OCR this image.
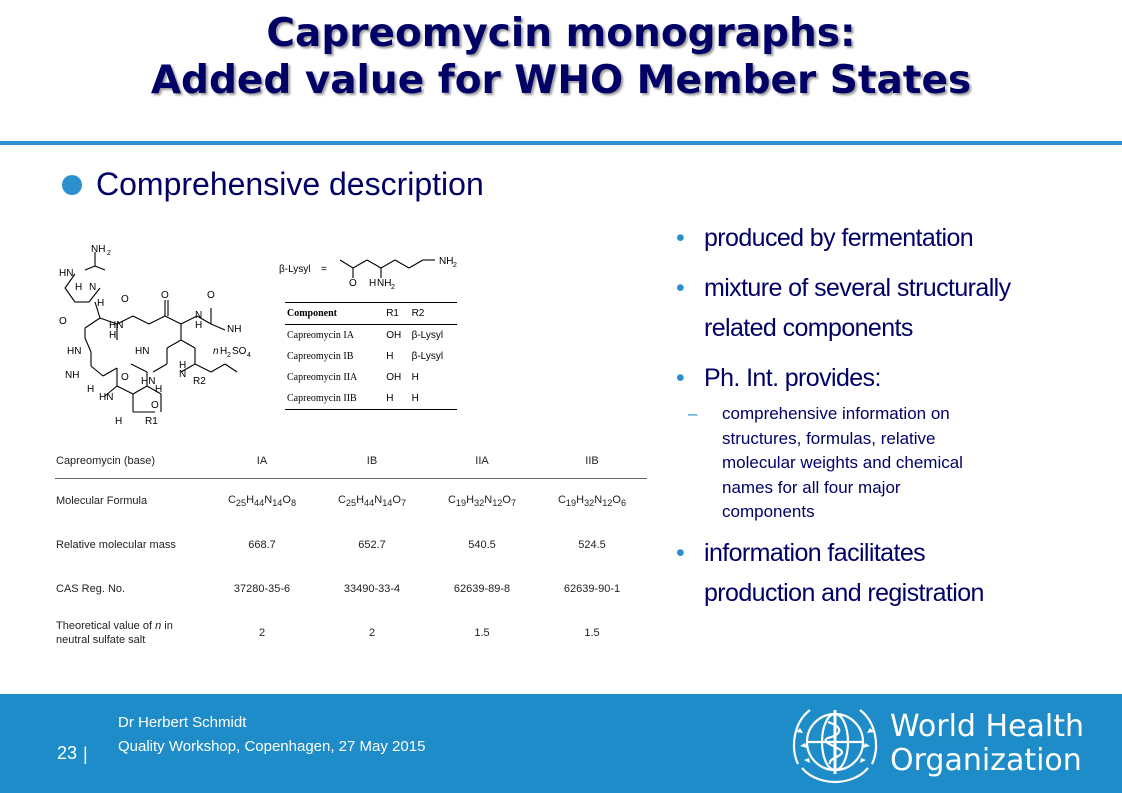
Capreomycin monographs:
Added value for WHO Member States
Comprehensive description
NH 2
HN
H N
H O
O	HN
H
O	O
H
N
NH
HN	HN
NH
H
O
H
N
HN
H
R2
HN
O
H R1
n H 2 SO 4
β-Lysyl =
O H NH 2
NH 2
Component	R1	R2
Capreomycin IA	OH	β-Lysyl
Capreomycin IB	H	β-Lysyl
Capreomycin IIA	OH	H
Capreomycin IIB	H	H
Capreomycin (base)	IA	IB	IIA	IIB
Molecular Formula	$C_{25}H_{44}N_{14}O_8$	$C_{25}H_{44}N_{14}O_7$	$C_{19}H_{32}N_{12}O_7$	$C_{19}H_{32}N_{12}O_6$
Relative molecular mass	668.7	652.7	540.5	524.5
CAS Reg. No.	37280-35-6	33490-33-4	62639-89-8	62639-90-1
Theoretical value of n in
neutral sulfate salt	2	2	1.5	1.5
• produced by fermentation
• mixture of several structurally
related components
• Ph. Int. provides:
– comprehensive information on
structures, formulas, relative
molecular weights and chemical
names for all four major
components
• information facilitates
production and registration
Dr Herbert Schmidt
Quality Workshop, Copenhagen, 27 May 2015
23 |
World Health
Organization
